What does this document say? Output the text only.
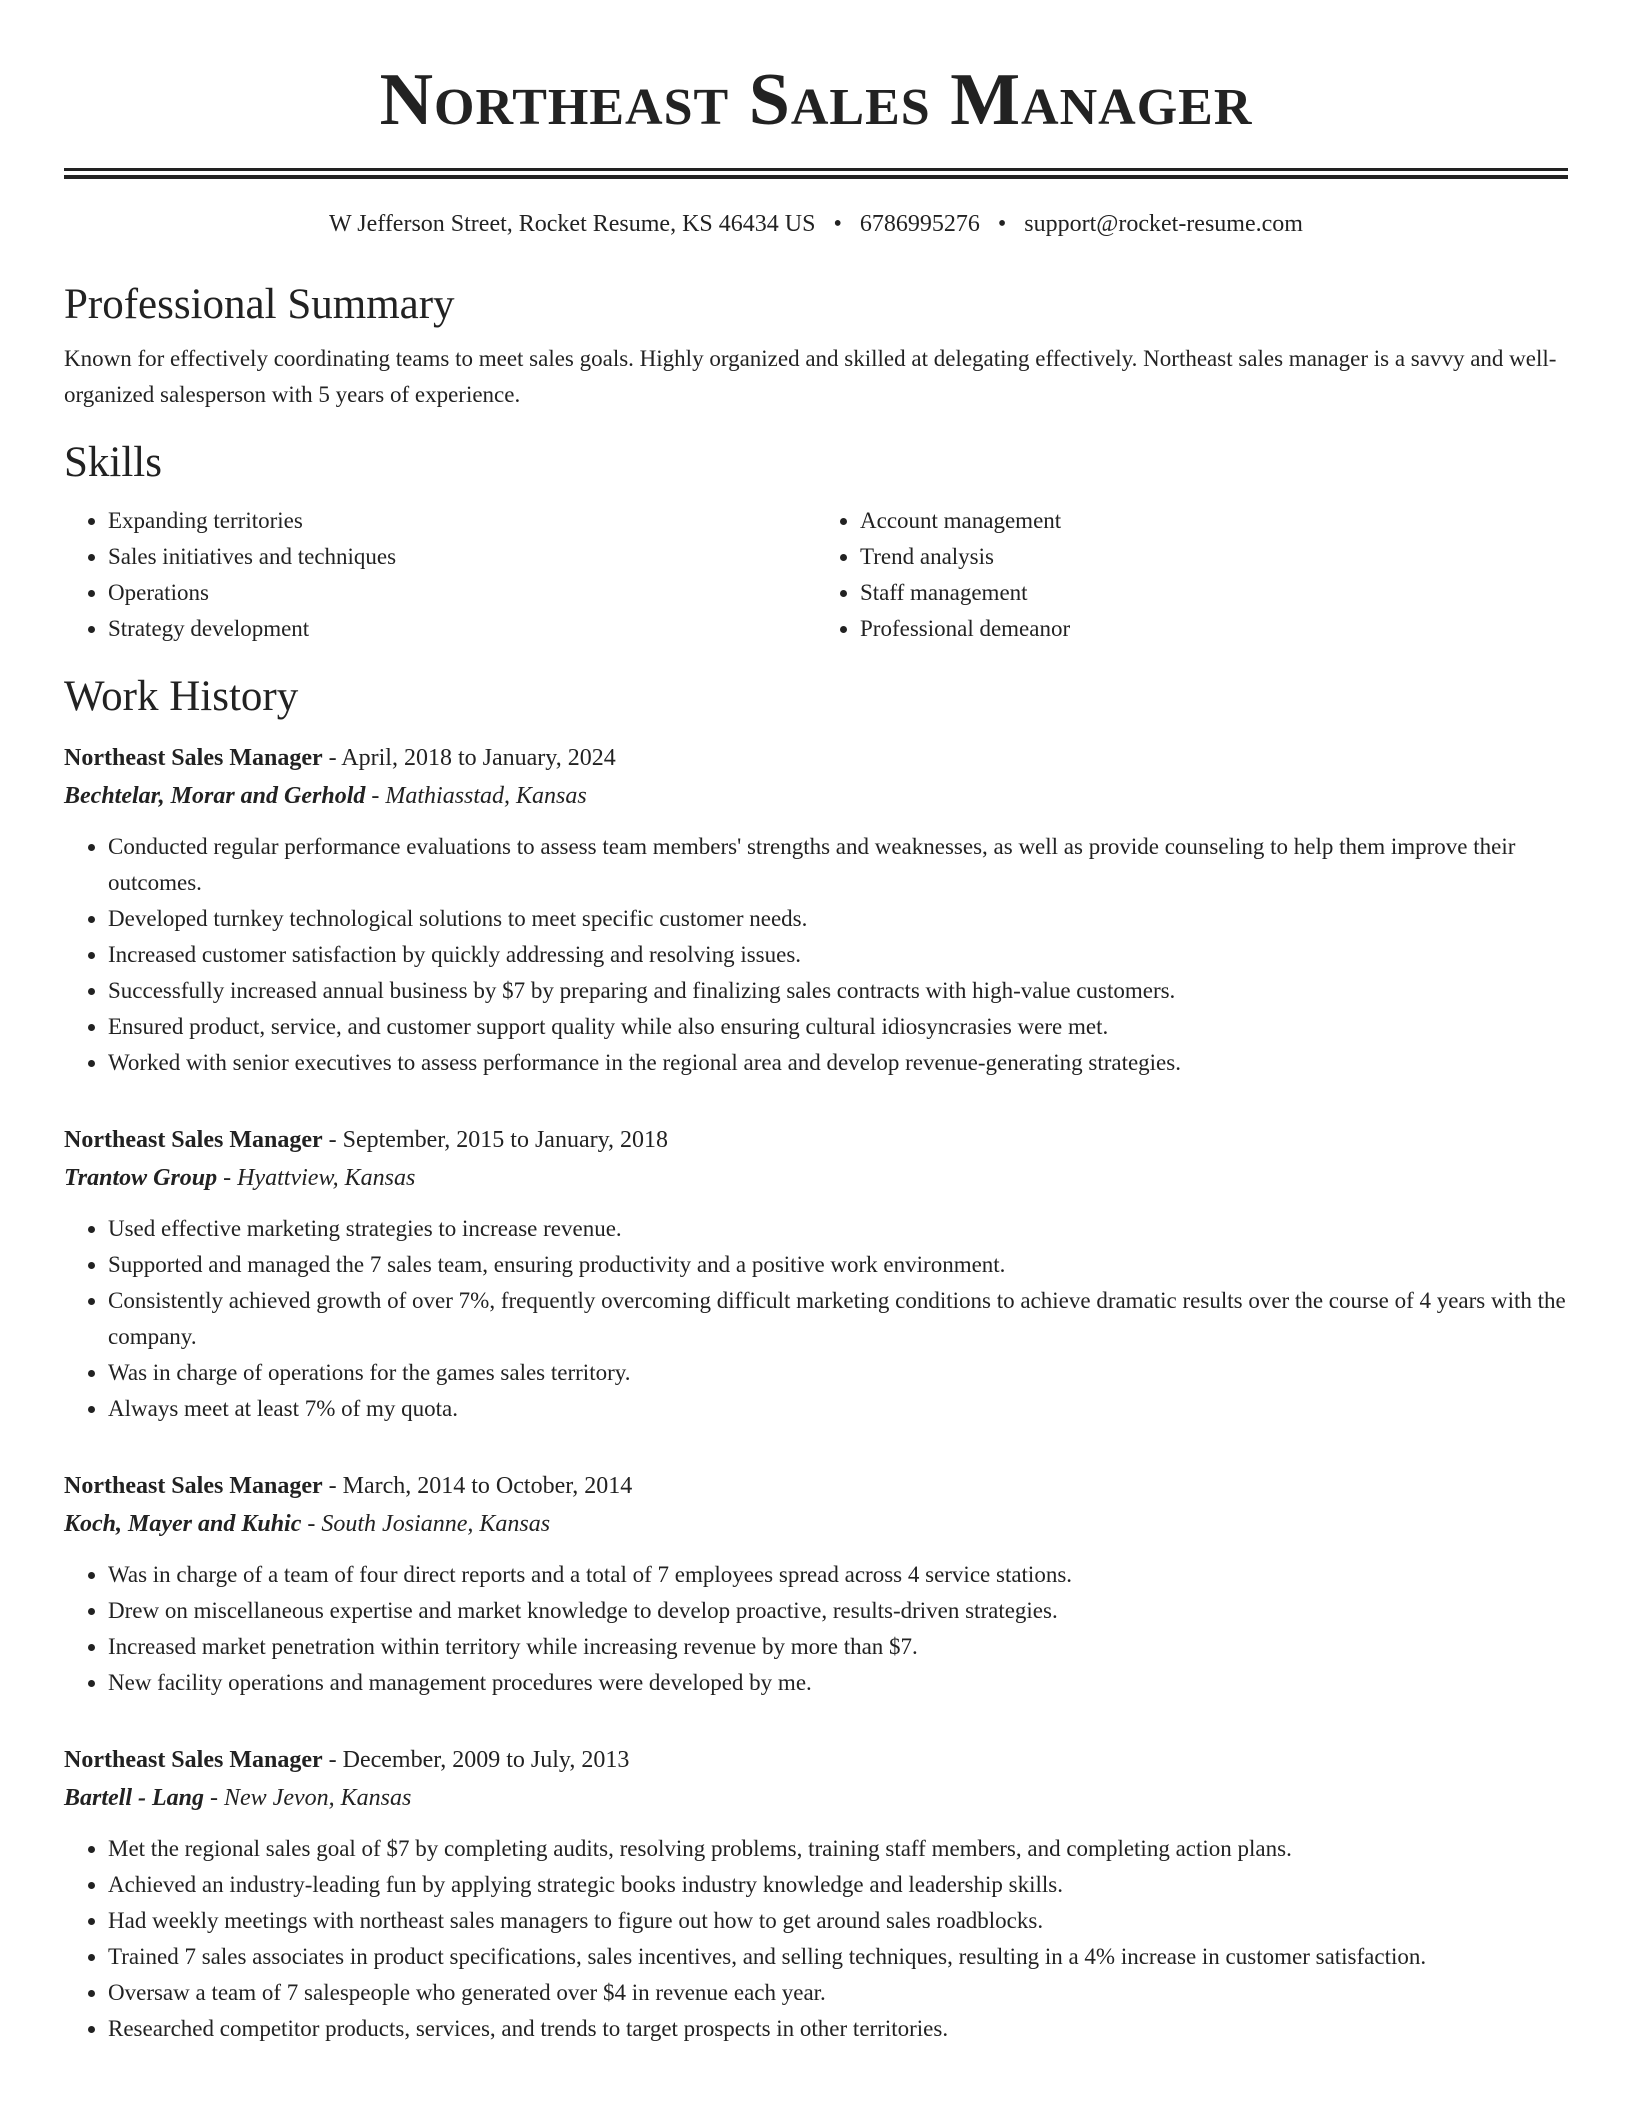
Northeast Sales Manager
W Jefferson Street, Rocket Resume, KS 46434 US • 6786995276 • support@rocket-resume.com
Professional Summary

Known for effectively coordinating teams to meet sales goals. Highly organized and skilled at delegating effectively. Northeast sales manager is a savvy and well-organized salesperson with 5 years of experience.

Skills
• Expanding territories
• Sales initiatives and techniques
• Operations
• Strategy development
• Account management
• Trend analysis
• Staff management
• Professional demeanor
Work History
Northeast Sales Manager - April, 2018 to January, 2024
Bechtelar, Morar and Gerhold - Mathiasstad, Kansas
• Conducted regular performance evaluations to assess team members' strengths and weaknesses, as well as provide counseling to help them improve their outcomes.
• Developed turnkey technological solutions to meet specific customer needs.
• Increased customer satisfaction by quickly addressing and resolving issues.
• Successfully increased annual business by $7 by preparing and finalizing sales contracts with high-value customers.
• Ensured product, service, and customer support quality while also ensuring cultural idiosyncrasies were met.
• Worked with senior executives to assess performance in the regional area and develop revenue-generating strategies.
Northeast Sales Manager - September, 2015 to January, 2018
Trantow Group - Hyattview, Kansas
• Used effective marketing strategies to increase revenue.
• Supported and managed the 7 sales team, ensuring productivity and a positive work environment.
• Consistently achieved growth of over 7%, frequently overcoming difficult marketing conditions to achieve dramatic results over the course of 4 years with the company.
• Was in charge of operations for the games sales territory.
• Always meet at least 7% of my quota.
Northeast Sales Manager - March, 2014 to October, 2014
Koch, Mayer and Kuhic - South Josianne, Kansas
• Was in charge of a team of four direct reports and a total of 7 employees spread across 4 service stations.
• Drew on miscellaneous expertise and market knowledge to develop proactive, results-driven strategies.
• Increased market penetration within territory while increasing revenue by more than $7.
• New facility operations and management procedures were developed by me.
Northeast Sales Manager - December, 2009 to July, 2013
Bartell - Lang - New Jevon, Kansas
• Met the regional sales goal of $7 by completing audits, resolving problems, training staff members, and completing action plans.
• Achieved an industry-leading fun by applying strategic books industry knowledge and leadership skills.
• Had weekly meetings with northeast sales managers to figure out how to get around sales roadblocks.
• Trained 7 sales associates in product specifications, sales incentives, and selling techniques, resulting in a 4% increase in customer satisfaction.
• Oversaw a team of 7 salespeople who generated over $4 in revenue each year.
• Researched competitor products, services, and trends to target prospects in other territories.
